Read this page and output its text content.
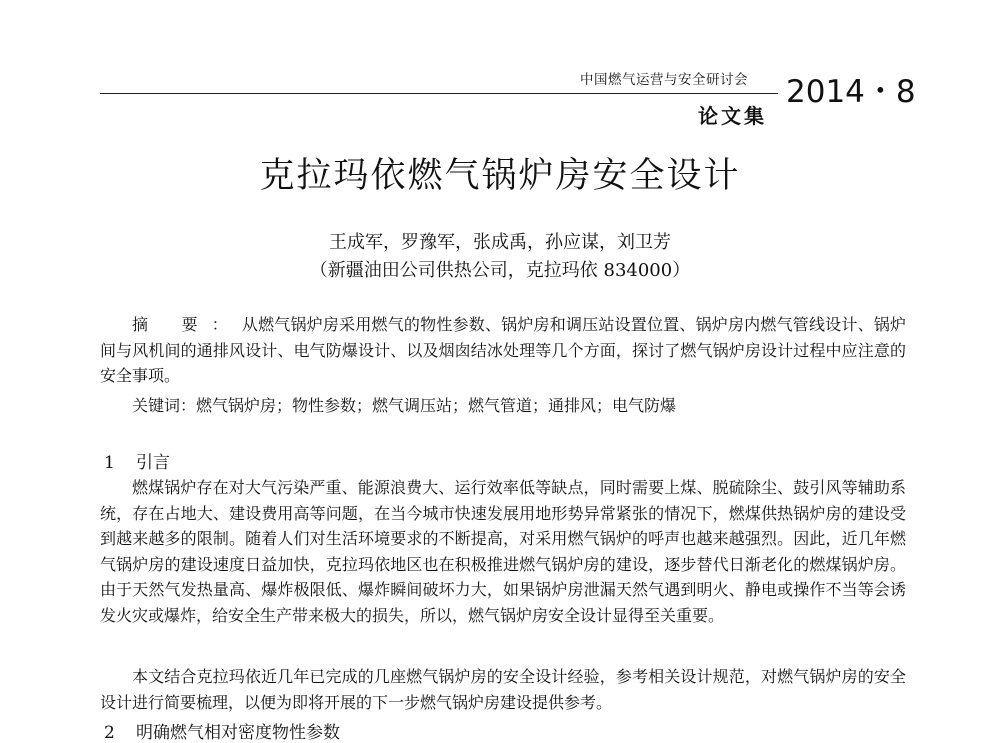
中国燃气运营与安全研讨会 2014・8
论文集
克拉玛依燃气锅炉房安全设计
王成军，罗豫军，张成禹，孙应谋，刘卫芳
（新疆油田公司供热公司，克拉玛依 834000）

摘 要：从燃气锅炉房采用燃气的物性参数、锅炉房和调压站设置位置、锅炉房内燃气管线设计、锅炉间与风机间的通排风设计、电气防爆设计、以及烟囱结冰处理等几个方面，探讨了燃气锅炉房设计过程中应注意的安全事项。

关键词：燃气锅炉房；物性参数；燃气调压站；燃气管道；通排风；电气防爆

1 引言

燃煤锅炉存在对大气污染严重、能源浪费大、运行效率低等缺点，同时需要上煤、脱硫除尘、鼓引风等辅助系统，存在占地大、建设费用高等问题，在当今城市快速发展用地形势异常紧张的情况下，燃煤供热锅炉房的建设受到越来越多的限制。随着人们对生活环境要求的不断提高，对采用燃气锅炉的呼声也越来越强烈。因此，近几年燃气锅炉房的建设速度日益加快，克拉玛依地区也在积极推进燃气锅炉房的建设，逐步替代日渐老化的燃煤锅炉房。由于天然气发热量高、爆炸极限低、爆炸瞬间破坏力大，如果锅炉房泄漏天然气遇到明火、静电或操作不当等会诱发火灾或爆炸，给安全生产带来极大的损失，所以，燃气锅炉房安全设计显得至关重要。

本文结合克拉玛依近几年已完成的几座燃气锅炉房的安全设计经验，参考相关设计规范，对燃气锅炉房的安全设计进行简要梳理，以便为即将开展的下一步燃气锅炉房建设提供参考。

2 明确燃气相对密度物性参数
